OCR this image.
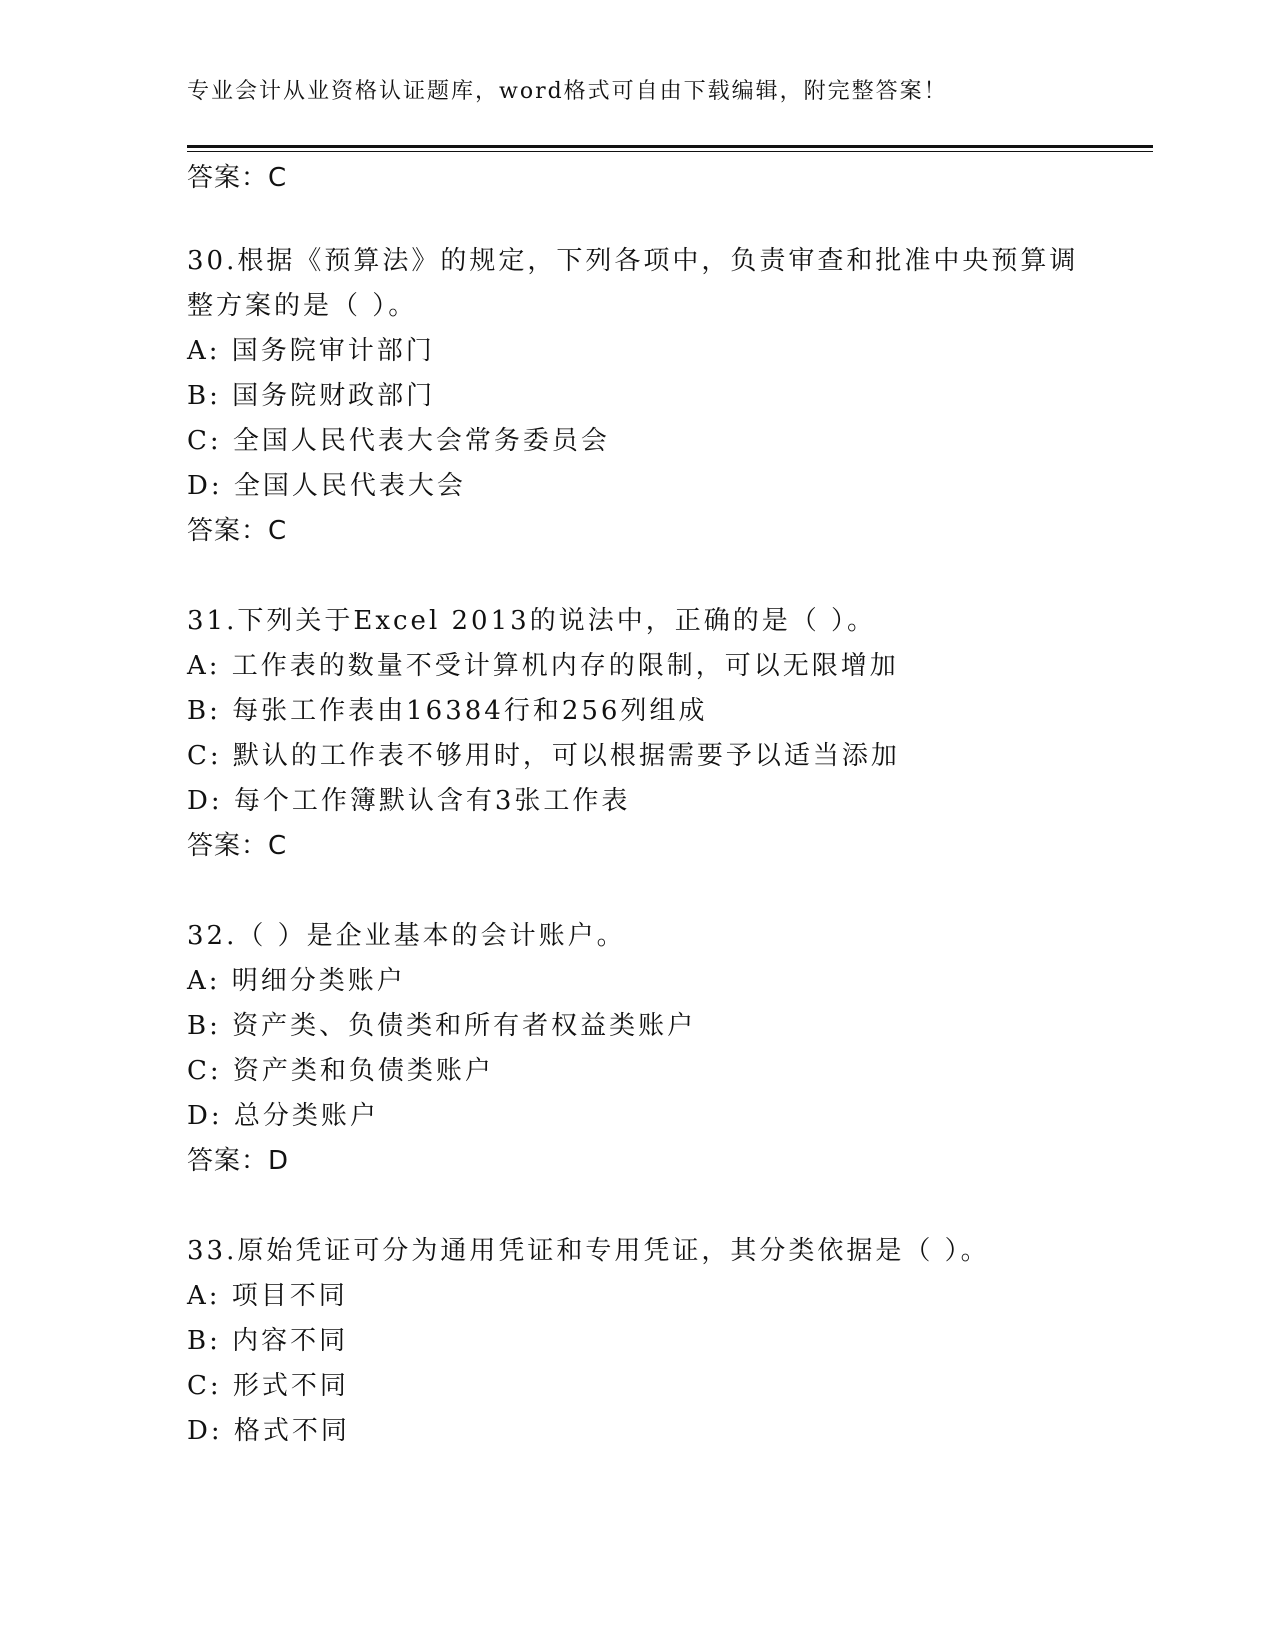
专业会计从业资格认证题库，word格式可自由下载编辑，附完整答案！
答案：C
30.根据《预算法》的规定，下列各项中，负责审查和批准中央预算调
整方案的是（ ）。
A: 国务院审计部门
B: 国务院财政部门
C: 全国人民代表大会常务委员会
D: 全国人民代表大会
答案：C
31.下列关于Excel 2013的说法中，正确的是（ ）。
A: 工作表的数量不受计算机内存的限制，可以无限增加
B: 每张工作表由16384行和256列组成
C: 默认的工作表不够用时，可以根据需要予以适当添加
D: 每个工作簿默认含有3张工作表
答案：C
32.（ ）是企业基本的会计账户。
A: 明细分类账户
B: 资产类、负债类和所有者权益类账户
C: 资产类和负债类账户
D: 总分类账户
答案：D
33.原始凭证可分为通用凭证和专用凭证，其分类依据是（ ）。
A: 项目不同
B: 内容不同
C: 形式不同
D: 格式不同
